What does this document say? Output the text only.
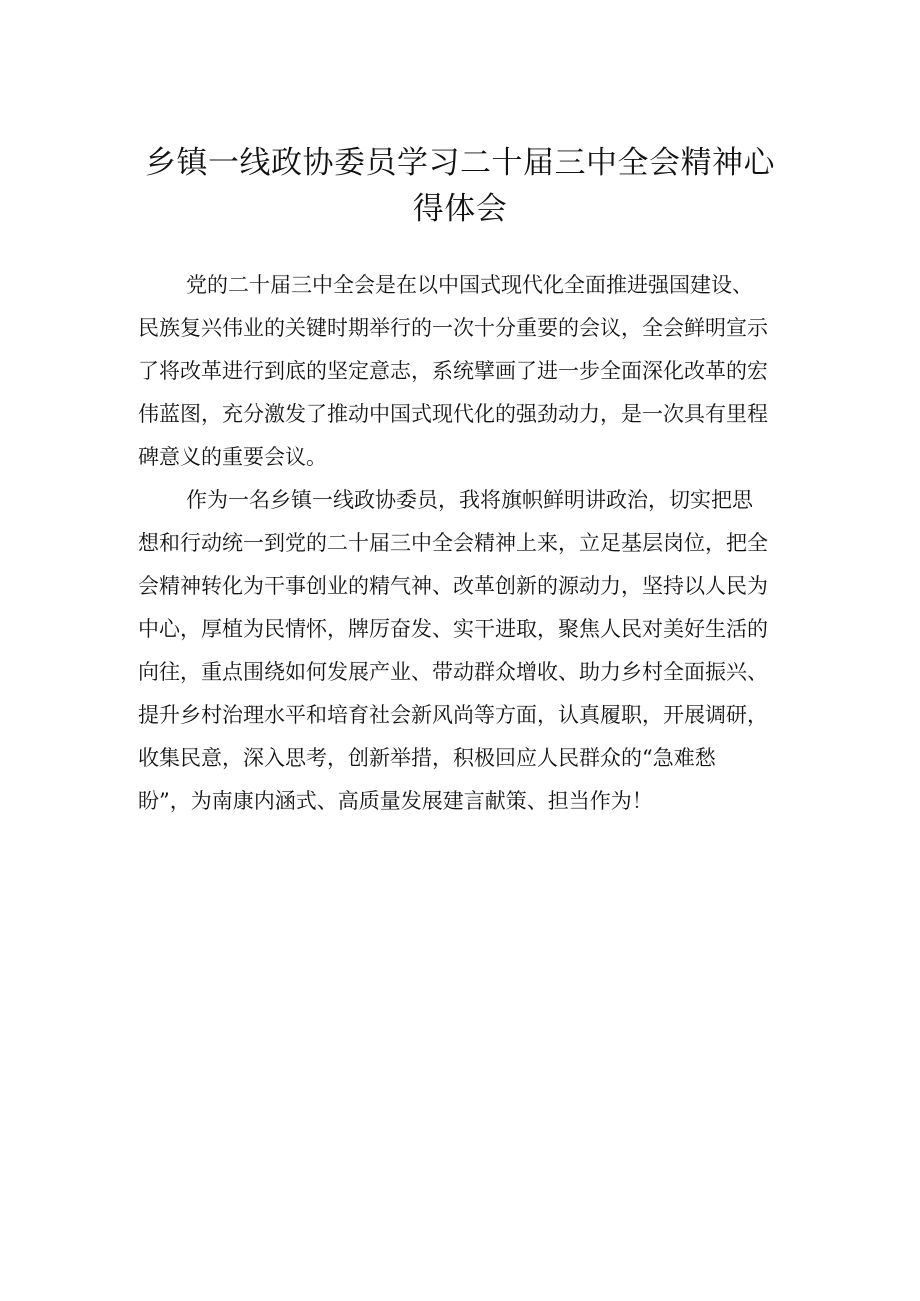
乡镇一线政协委员学习二十届三中全会精神心
得体会

党的二十届三中全会是在以中国式现代化全面推进强国建设、
民族复兴伟业的关键时期举行的一次十分重要的会议，全会鲜明宣示
了将改革进行到底的坚定意志，系统擘画了进一步全面深化改革的宏
伟蓝图，充分激发了推动中国式现代化的强劲动力，是一次具有里程
碑意义的重要会议。

作为一名乡镇一线政协委员，我将旗帜鲜明讲政治，切实把思
想和行动统一到党的二十届三中全会精神上来，立足基层岗位，把全
会精神转化为干事创业的精气神、改革创新的源动力，坚持以人民为
中心，厚植为民情怀，牌厉奋发、实干进取，聚焦人民对美好生活的
向往，重点围绕如何发展产业、带动群众增收、助力乡村全面振兴、
提升乡村治理水平和培育社会新风尚等方面，认真履职，开展调研，
收集民意，深入思考，创新举措，积极回应人民群众的“急难愁
盼”，为南康内涵式、高质量发展建言献策、担当作为！
